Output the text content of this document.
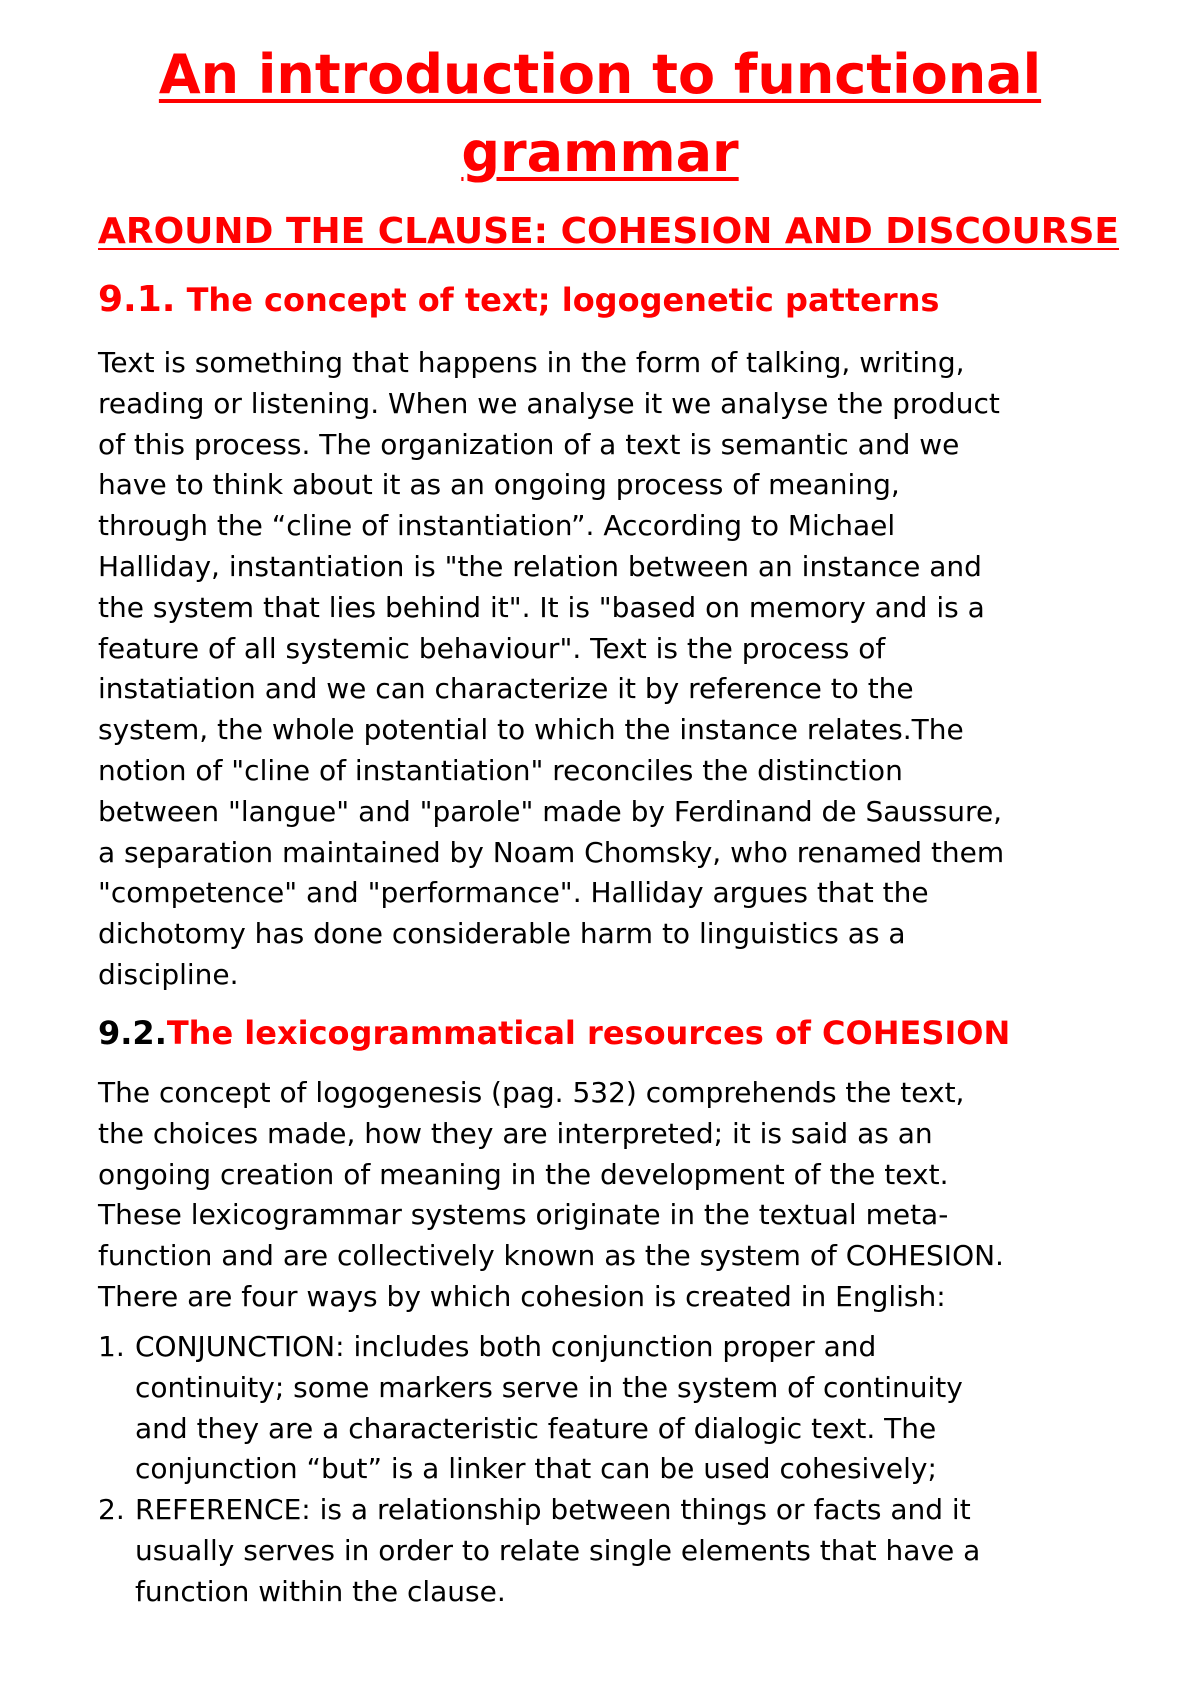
An introduction to functional
grammar
AROUND THE CLAUSE: COHESION AND DISCOURSE
9.1. The concept of text; logogenetic patterns
Text is something that happens in the form of talking, writing,
reading or listening. When we analyse it we analyse the product
of this process. The organization of a text is semantic and we
have to think about it as an ongoing process of meaning,
through the “cline of instantiation”. According to Michael
Halliday, instantiation is "the relation between an instance and
the system that lies behind it". It is "based on memory and is a
feature of all systemic behaviour". Text is the process of
instatiation and we can characterize it by reference to the
system, the whole potential to which the instance relates.The
notion of "cline of instantiation" reconciles the distinction
between "langue" and "parole" made by Ferdinand de Saussure,
a separation maintained by Noam Chomsky, who renamed them
"competence" and "performance". Halliday argues that the
dichotomy has done considerable harm to linguistics as a
discipline.
9.2.The lexicogrammatical resources of COHESION
The concept of logogenesis (pag. 532) comprehends the text,
the choices made, how they are interpreted; it is said as an
ongoing creation of meaning in the development of the text.
These lexicogrammar systems originate in the textual meta-
function and are collectively known as the system of COHESION.
There are four ways by which cohesion is created in English:
1. CONJUNCTION: includes both conjunction proper and
continuity; some markers serve in the system of continuity
and they are a characteristic feature of dialogic text. The
conjunction “but” is a linker that can be used cohesively;
2. REFERENCE: is a relationship between things or facts and it
usually serves in order to relate single elements that have a
function within the clause.
